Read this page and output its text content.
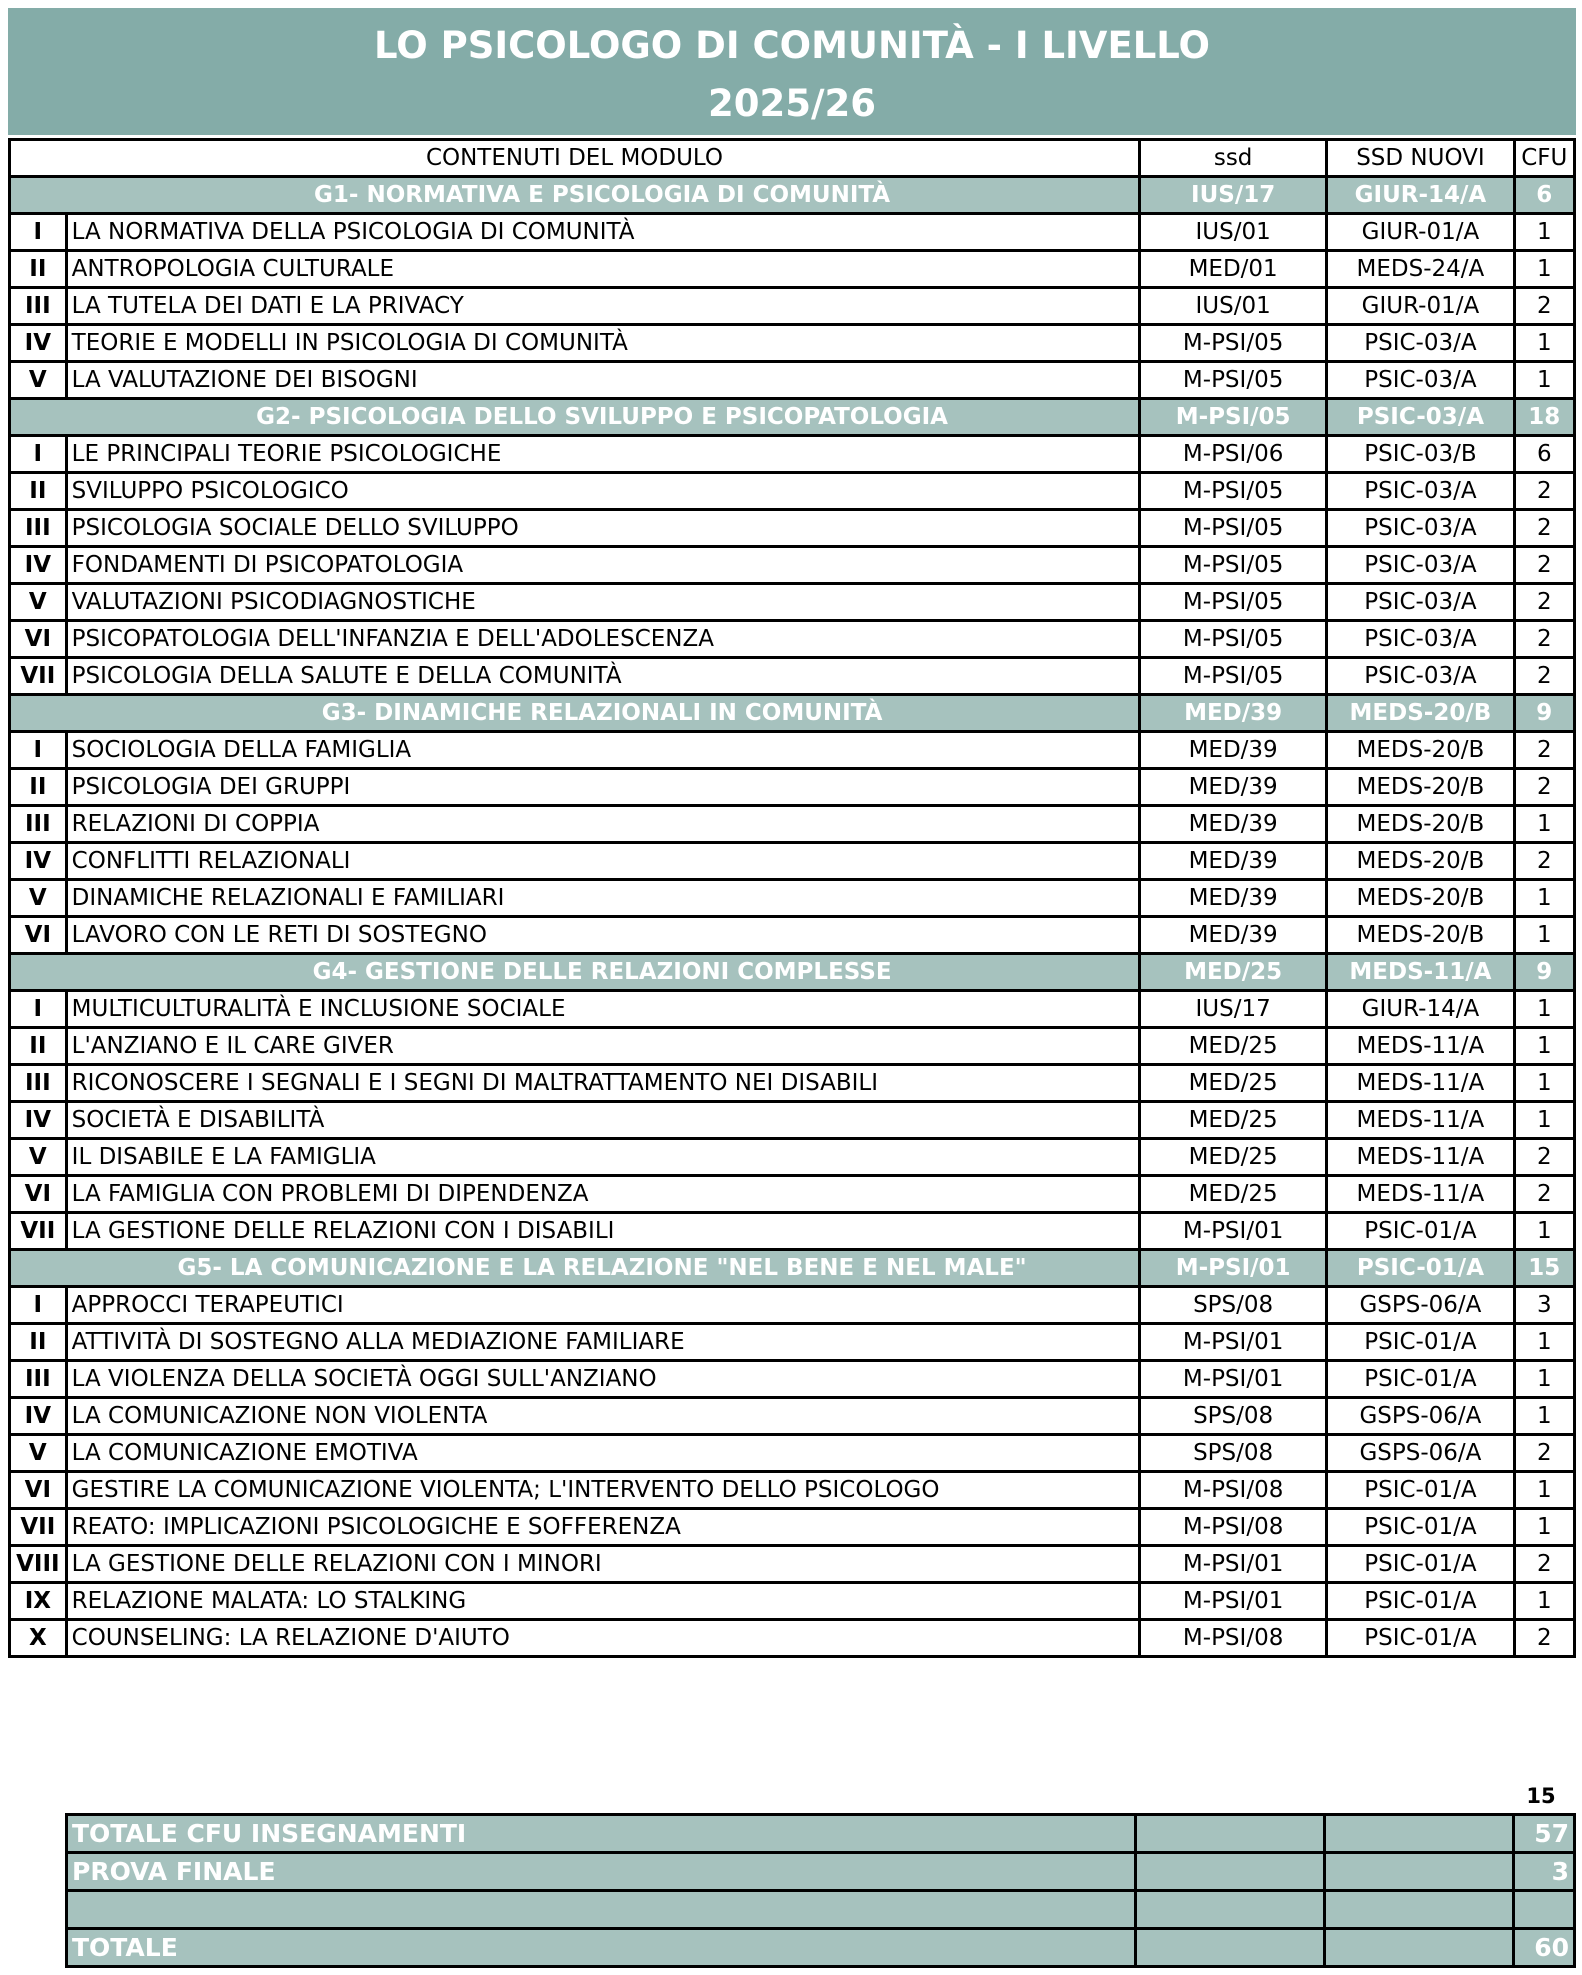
LO PSICOLOGO DI COMUNITÀ - I LIVELLO
2025/26
CONTENUTI DEL MODULO		ssd	SSD NUOVI	CFU
	G1- NORMATIVA E PSICOLOGIA DI COMUNITÀ	IUS/17	GIUR-14/A	6
I	LA NORMATIVA DELLA PSICOLOGIA DI COMUNITÀ	IUS/01	GIUR-01/A	1
II	ANTROPOLOGIA CULTURALE	MED/01	MEDS-24/A	1
III	LA TUTELA DEI DATI E LA PRIVACY	IUS/01	GIUR-01/A	2
IV	TEORIE E MODELLI IN PSICOLOGIA DI COMUNITÀ	M-PSI/05	PSIC-03/A	1
V	LA VALUTAZIONE DEI BISOGNI	M-PSI/05	PSIC-03/A	1
	G2- PSICOLOGIA DELLO SVILUPPO E PSICOPATOLOGIA	M-PSI/05	PSIC-03/A	18
I	LE PRINCIPALI TEORIE PSICOLOGICHE	M-PSI/06	PSIC-03/B	6
II	SVILUPPO PSICOLOGICO	M-PSI/05	PSIC-03/A	2
III	PSICOLOGIA SOCIALE DELLO SVILUPPO	M-PSI/05	PSIC-03/A	2
IV	FONDAMENTI DI PSICOPATOLOGIA	M-PSI/05	PSIC-03/A	2
V	VALUTAZIONI PSICODIAGNOSTICHE	M-PSI/05	PSIC-03/A	2
VI	PSICOPATOLOGIA DELL'INFANZIA E DELL'ADOLESCENZA	M-PSI/05	PSIC-03/A	2
VII	PSICOLOGIA DELLA SALUTE E DELLA COMUNITÀ	M-PSI/05	PSIC-03/A	2
	G3- DINAMICHE RELAZIONALI IN COMUNITÀ	MED/39	MEDS-20/B	9
I	SOCIOLOGIA DELLA FAMIGLIA	MED/39	MEDS-20/B	2
II	PSICOLOGIA DEI GRUPPI	MED/39	MEDS-20/B	2
III	RELAZIONI DI COPPIA	MED/39	MEDS-20/B	1
IV	CONFLITTI RELAZIONALI	MED/39	MEDS-20/B	2
V	DINAMICHE RELAZIONALI E FAMILIARI	MED/39	MEDS-20/B	1
VI	LAVORO CON LE RETI DI SOSTEGNO	MED/39	MEDS-20/B	1
	G4- GESTIONE DELLE RELAZIONI COMPLESSE	MED/25	MEDS-11/A	9
I	MULTICULTURALITÀ E INCLUSIONE SOCIALE	IUS/17	GIUR-14/A	1
II	L'ANZIANO E IL CARE GIVER	MED/25	MEDS-11/A	1
III	RICONOSCERE I SEGNALI E I SEGNI DI MALTRATTAMENTO NEI DISABILI	MED/25	MEDS-11/A	1
IV	SOCIETÀ E DISABILITÀ	MED/25	MEDS-11/A	1
V	IL DISABILE E LA FAMIGLIA	MED/25	MEDS-11/A	2
VI	LA FAMIGLIA CON PROBLEMI DI DIPENDENZA	MED/25	MEDS-11/A	2
VII	LA GESTIONE DELLE RELAZIONI CON I DISABILI	M-PSI/01	PSIC-01/A	1
	G5- LA COMUNICAZIONE E LA RELAZIONE "NEL BENE E NEL MALE"	M-PSI/01	PSIC-01/A	15
I	APPROCCI TERAPEUTICI	SPS/08	GSPS-06/A	3
II	ATTIVITÀ DI SOSTEGNO ALLA MEDIAZIONE FAMILIARE	M-PSI/01	PSIC-01/A	1
III	LA VIOLENZA DELLA SOCIETÀ OGGI SULL'ANZIANO	M-PSI/01	PSIC-01/A	1
IV	LA COMUNICAZIONE NON VIOLENTA	SPS/08	GSPS-06/A	1
V	LA COMUNICAZIONE EMOTIVA	SPS/08	GSPS-06/A	2
VI	GESTIRE LA COMUNICAZIONE VIOLENTA; L'INTERVENTO DELLO PSICOLOGO	M-PSI/08	PSIC-01/A	1
VII	REATO: IMPLICAZIONI PSICOLOGICHE E SOFFERENZA	M-PSI/08	PSIC-01/A	1
VIII	LA GESTIONE DELLE RELAZIONI CON I MINORI	M-PSI/01	PSIC-01/A	2
IX	RELAZIONE MALATA: LO STALKING	M-PSI/01	PSIC-01/A	1
X	COUNSELING: LA RELAZIONE D'AIUTO	M-PSI/08	PSIC-01/A	2
15
TOTALE CFU INSEGNAMENTI			57
PROVA FINALE			3

TOTALE			60
